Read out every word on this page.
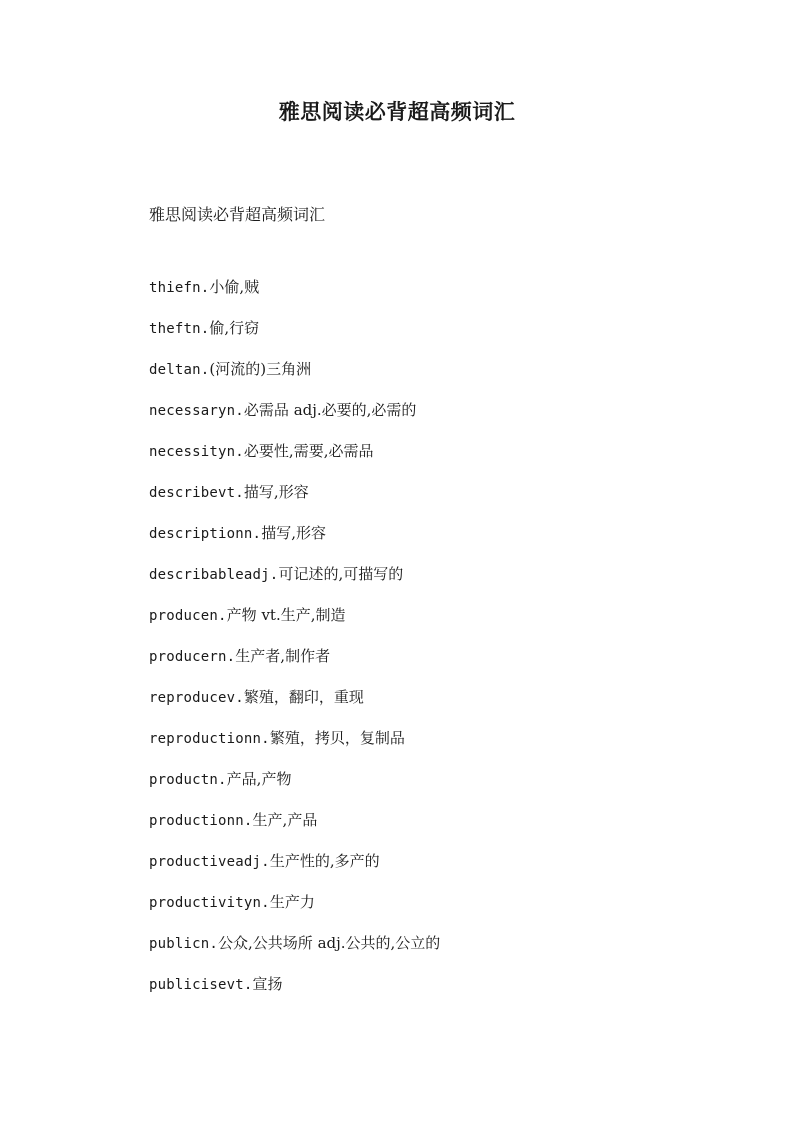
雅思阅读必背超高频词汇
雅思阅读必背超高频词汇
thiefn.小偷,贼
theftn.偷,行窃
deltan.(河流的)三角洲
necessaryn.必需品 adj.必要的,必需的
necessityn.必要性,需要,必需品
describevt.描写,形容
descriptionn.描写,形容
describableadj.可记述的,可描写的
producen.产物 vt.生产,制造
producern.生产者,制作者
reproducev.繁殖，翻印，重现
reproductionn.繁殖，拷贝，复制品
productn.产品,产物
productionn.生产,产品
productiveadj.生产性的,多产的
productivityn.生产力
publicn.公众,公共场所 adj.公共的,公立的
publicisevt.宣扬
